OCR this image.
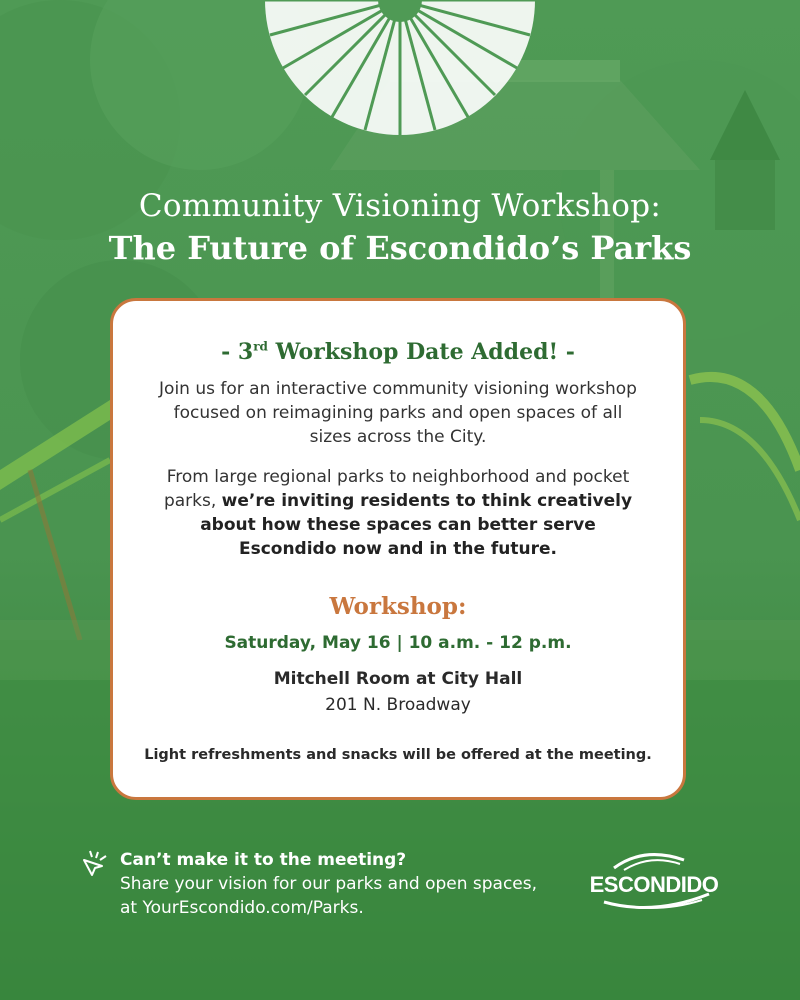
Community Visioning Workshop:
The Future of Escondido’s Parks
- 3rd Workshop Date Added! -
Join us for an interactive community visioning workshop focused on reimagining parks and open spaces of all sizes across the City.
From large regional parks to neighborhood and pocket parks, we’re inviting residents to think creatively about how these spaces can better serve Escondido now and in the future.
Workshop:
Saturday, May 16 | 10 a.m. - 12 p.m.
Mitchell Room at City Hall
201 N. Broadway
Light refreshments and snacks will be offered at the meeting.
Can’t make it to the meeting?
Share your vision for our parks and open spaces, at YourEscondido.com/Parks.
ESCONDIDO
